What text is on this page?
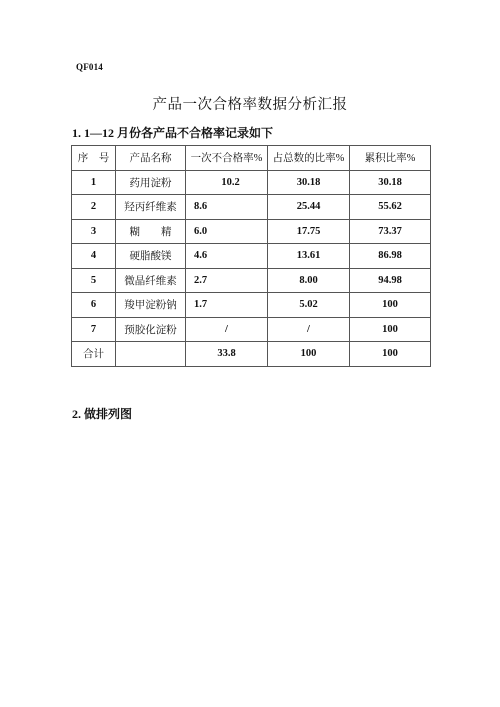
QF014
产品一次合格率数据分析汇报
1. 1—12 月份各产品不合格率记录如下
序　号	产品名称	一次不合格率%	占总数的比率%	累积比率%
1	药用淀粉	10.2	30.18	30.18
2	羟丙纤维素	8.6	25.44	55.62
3	糊　　精	6.0	17.75	73.37
4	硬脂酸镁	4.6	13.61	86.98
5	微晶纤维素	2.7	8.00	94.98
6	羧甲淀粉钠	1.7	5.02	100
7	预胶化淀粉	/	/	100
合计		33.8	100	100
2. 做排列图
